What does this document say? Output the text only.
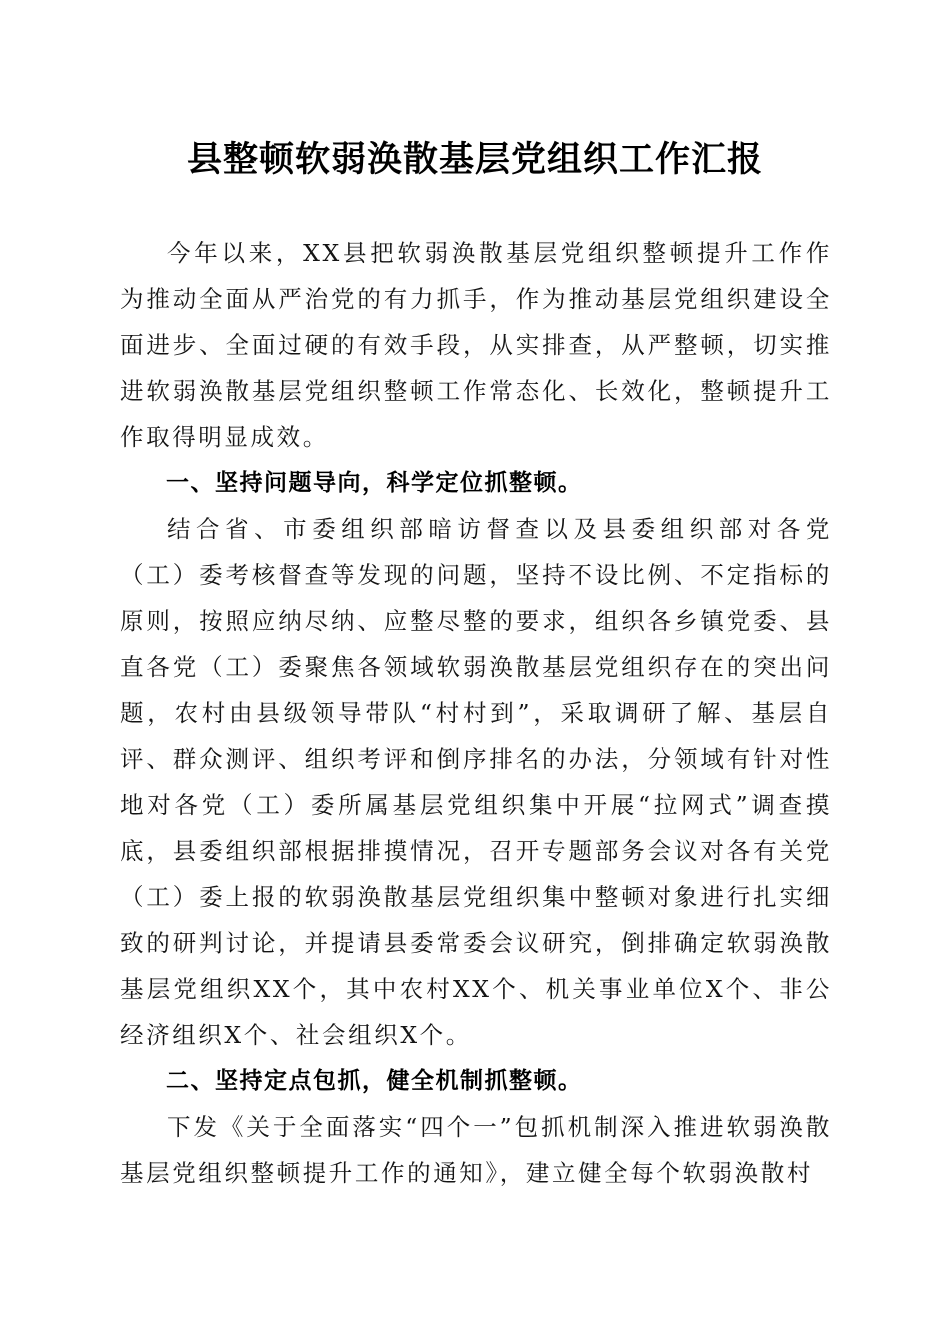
县整顿软弱涣散基层党组织工作汇报

今年以来，XX县把软弱涣散基层党组织整顿提升工作作为推动全面从严治党的有力抓手，作为推动基层党组织建设全面进步、全面过硬的有效手段，从实排查，从严整顿，切实推进软弱涣散基层党组织整顿工作常态化、长效化，整顿提升工作取得明显成效。

一、坚持问题导向，科学定位抓整顿。

结合省、市委组织部暗访督查以及县委组织部对各党（工）委考核督查等发现的问题，坚持不设比例、不定指标的原则，按照应纳尽纳、应整尽整的要求，组织各乡镇党委、县直各党（工）委聚焦各领域软弱涣散基层党组织存在的突出问题，农村由县级领导带队“村村到”，采取调研了解、基层自评、群众测评、组织考评和倒序排名的办法，分领域有针对性地对各党（工）委所属基层党组织集中开展“拉网式”调查摸底，县委组织部根据排摸情况，召开专题部务会议对各有关党（工）委上报的软弱涣散基层党组织集中整顿对象进行扎实细致的研判讨论，并提请县委常委会议研究，倒排确定软弱涣散基层党组织XX个，其中农村XX个、机关事业单位X个、非公经济组织X个、社会组织X个。

二、坚持定点包抓，健全机制抓整顿。

下发《关于全面落实“四个一”包抓机制深入推进软弱涣散基层党组织整顿提升工作的通知》，建立健全每个软弱涣散村
